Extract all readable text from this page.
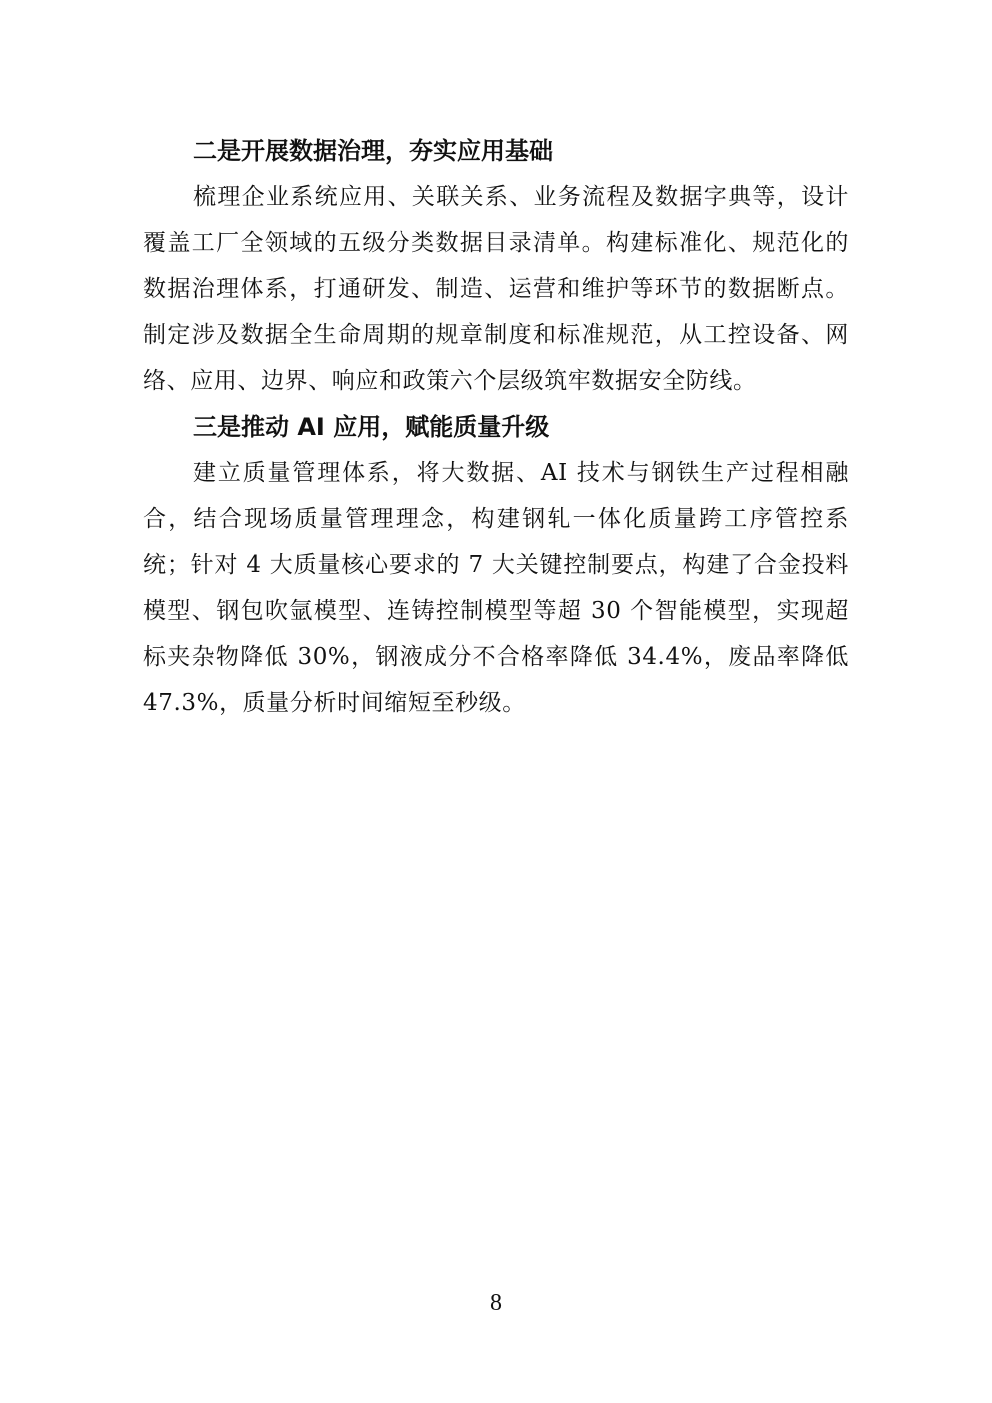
二是开展数据治理，夯实应用基础

梳理企业系统应用、关联关系、业务流程及数据字典等，设计覆盖工厂全领域的五级分类数据目录清单。构建标准化、规范化的数据治理体系，打通研发、制造、运营和维护等环节的数据断点。制定涉及数据全生命周期的规章制度和标准规范，从工控设备、网络、应用、边界、响应和政策六个层级筑牢数据安全防线。

三是推动 AI 应用，赋能质量升级

建立质量管理体系，将大数据、AI 技术与钢铁生产过程相融合，结合现场质量管理理念，构建钢轧一体化质量跨工序管控系统；针对 4 大质量核心要求的 7 大关键控制要点，构建了合金投料模型、钢包吹氩模型、连铸控制模型等超 30 个智能模型，实现超标夹杂物降低 30%，钢液成分不合格率降低 34.4%，废品率降低 47.3%，质量分析时间缩短至秒级。

8
